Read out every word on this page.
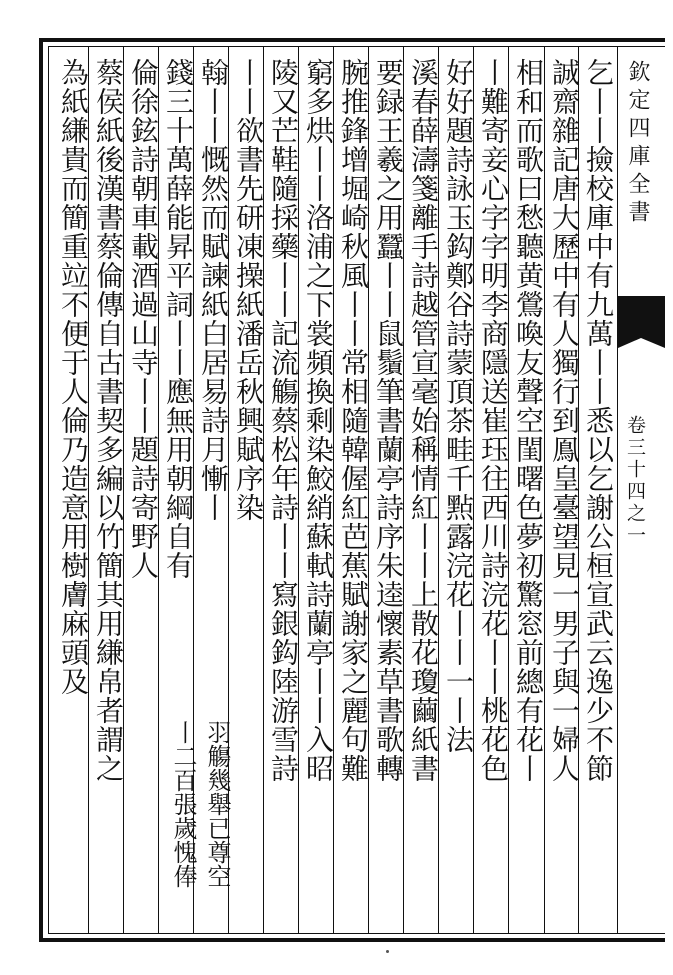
欽定四庫全書
卷三十四之一
乞丨丨撿校庫中有九萬丨丨悉以乞謝公桓宣武云逸少不節
誠齋雜記唐大歷中有人獨行到鳯皇臺望見一男子與一婦人
相和而歌曰愁聽黄鶯喚友聲空閨曙色夢初驚窓前總有花丨
丨難寄妾心字字明李商隱送崔珏往西川詩浣花丨丨桃花色
好好題詩詠玉鈎鄭谷詩蒙頂茶畦千㸃露浣花丨丨一丨法
溪春薛濤箋離手詩越管宣毫始稱情紅丨丨上散花瓊繭紙書
要録王羲之用蠶丨丨鼠鬚筆書蘭亭詩序朱逵懷素草書歌轉
腕推鋒增堀崎秋風丨丨常相隨韓偓紅芭蕉賦謝家之麗句難
窮多烘丨丨洛浦之下裳頻換剩染鮫綃蘇軾詩蘭亭丨丨入昭
陵又芒鞋隨採藥丨丨記流觴蔡松年詩丨丨寫銀鈎陸游雪詩
丨丨欲書先研凍操紙潘岳秋興賦序染
翰丨丨慨然而賦諫紙白居易詩月慚丨
羽觴幾舉已尊空
丨二百張歲愧俸
錢三十萬薛能昇平詞丨丨應無用朝綱自有
倫徐鉉詩朝車載酒過山寺丨丨題詩寄野人
蔡侯紙後漢書蔡倫傳自古書契多編以竹簡其用縑帛者謂之
為紙縑貴而簡重竝不便于人倫乃造意用樹膚麻頭及
